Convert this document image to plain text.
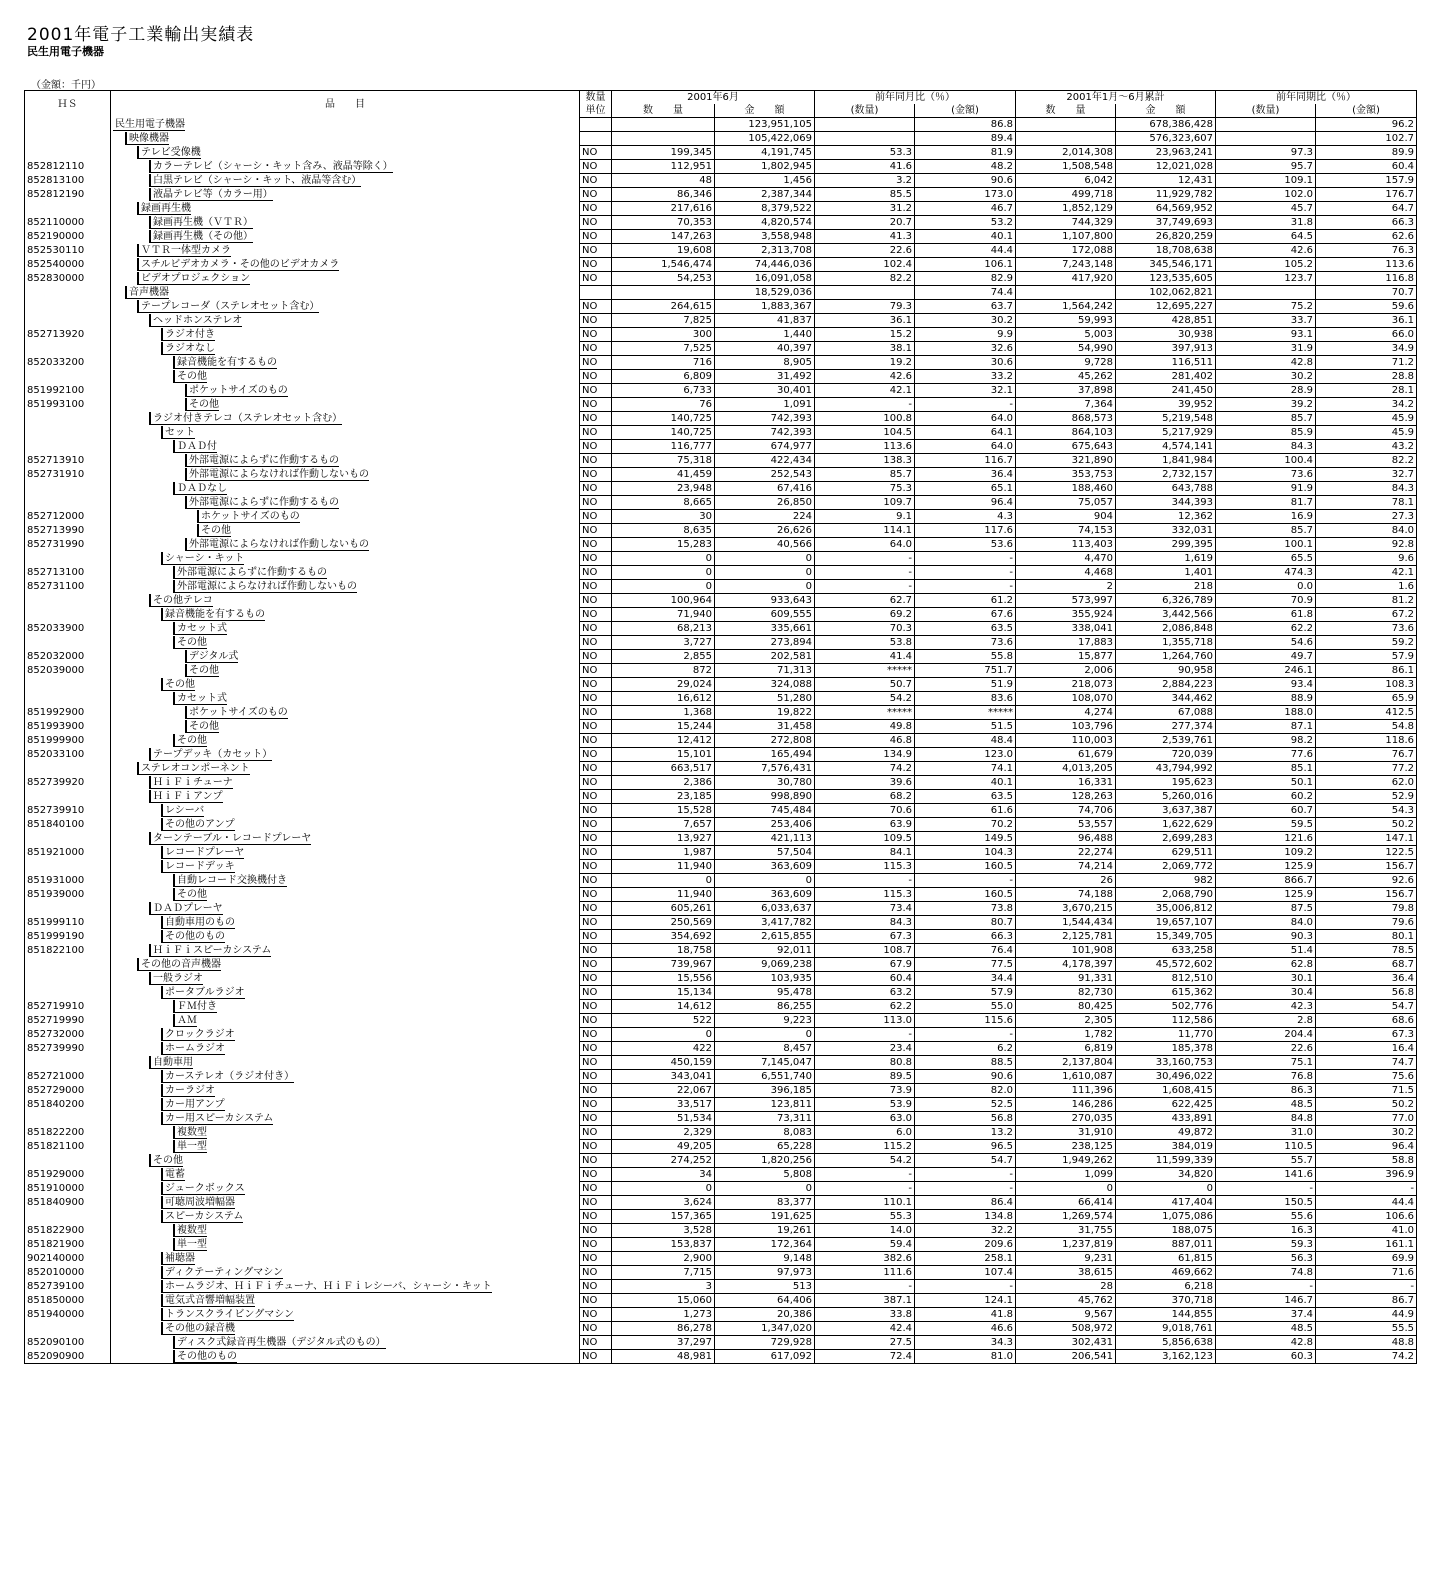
2001年電子工業輸出実績表
民生用電子機器
（金額：千円）
ＨＳ	品　　目	数量	2001年6月		前年同月比（％）		2001年1月～6月累計		前年同期比（％）	
		単位	数　　量	金　　額	(数量)	(金額)	数　　量	金　　額	(数量)	(金額)
	民生用電子機器			123,951,105		86.8		678,386,428		96.2
	映像機器			105,422,069		89.4		576,323,607		102.7
	テレビ受像機	NO	199,345	4,191,745	53.3	81.9	2,014,308	23,963,241	97.3	89.9
852812110	カラーテレビ（シャーシ・キット含み、液晶等除く）	NO	112,951	1,802,945	41.6	48.2	1,508,548	12,021,028	95.7	60.4
852813100	白黒テレビ（シャーシ・キット、液晶等含む）	NO	48	1,456	3.2	90.6	6,042	12,431	109.1	157.9
852812190	液晶テレビ等（カラー用）	NO	86,346	2,387,344	85.5	173.0	499,718	11,929,782	102.0	176.7
	録画再生機	NO	217,616	8,379,522	31.2	46.7	1,852,129	64,569,952	45.7	64.7
852110000	録画再生機（ＶＴＲ）	NO	70,353	4,820,574	20.7	53.2	744,329	37,749,693	31.8	66.3
852190000	録画再生機（その他）	NO	147,263	3,558,948	41.3	40.1	1,107,800	26,820,259	64.5	62.6
852530110	ＶＴＲ一体型カメラ	NO	19,608	2,313,708	22.6	44.4	172,088	18,708,638	42.6	76.3
852540000	スチルビデオカメラ・その他のビデオカメラ	NO	1,546,474	74,446,036	102.4	106.1	7,243,148	345,546,171	105.2	113.6
852830000	ビデオプロジェクション	NO	54,253	16,091,058	82.2	82.9	417,920	123,535,605	123.7	116.8
	音声機器			18,529,036		74.4		102,062,821		70.7
	テープレコーダ（ステレオセット含む）	NO	264,615	1,883,367	79.3	63.7	1,564,242	12,695,227	75.2	59.6
	ヘッドホンステレオ	NO	7,825	41,837	36.1	30.2	59,993	428,851	33.7	36.1
852713920	ラジオ付き	NO	300	1,440	15.2	9.9	5,003	30,938	93.1	66.0
	ラジオなし	NO	7,525	40,397	38.1	32.6	54,990	397,913	31.9	34.9
852033200	録音機能を有するもの	NO	716	8,905	19.2	30.6	9,728	116,511	42.8	71.2
	その他	NO	6,809	31,492	42.6	33.2	45,262	281,402	30.2	28.8
851992100	ポケットサイズのもの	NO	6,733	30,401	42.1	32.1	37,898	241,450	28.9	28.1
851993100	その他	NO	76	1,091	-	-	7,364	39,952	39.2	34.2
	ラジオ付きテレコ（ステレオセット含む）	NO	140,725	742,393	100.8	64.0	868,573	5,219,548	85.7	45.9
	セット	NO	140,725	742,393	104.5	64.1	864,103	5,217,929	85.9	45.9
	ＤＡＤ付	NO	116,777	674,977	113.6	64.0	675,643	4,574,141	84.3	43.2
852713910	外部電源によらずに作動するもの	NO	75,318	422,434	138.3	116.7	321,890	1,841,984	100.4	82.2
852731910	外部電源によらなければ作動しないもの	NO	41,459	252,543	85.7	36.4	353,753	2,732,157	73.6	32.7
	ＤＡＤなし	NO	23,948	67,416	75.3	65.1	188,460	643,788	91.9	84.3
	外部電源によらずに作動するもの	NO	8,665	26,850	109.7	96.4	75,057	344,393	81.7	78.1
852712000	ホケットサイズのもの	NO	30	224	9.1	4.3	904	12,362	16.9	27.3
852713990	その他	NO	8,635	26,626	114.1	117.6	74,153	332,031	85.7	84.0
852731990	外部電源によらなければ作動しないもの	NO	15,283	40,566	64.0	53.6	113,403	299,395	100.1	92.8
	シャーシ・キット	NO	0	0	-	-	4,470	1,619	65.5	9.6
852713100	外部電源によらずに作動するもの	NO	0	0	-	-	4,468	1,401	474.3	42.1
852731100	外部電源によらなければ作動しないもの	NO	0	0	-	-	2	218	0.0	1.6
	その他テレコ	NO	100,964	933,643	62.7	61.2	573,997	6,326,789	70.9	81.2
	録音機能を有するもの	NO	71,940	609,555	69.2	67.6	355,924	3,442,566	61.8	67.2
852033900	カセット式	NO	68,213	335,661	70.3	63.5	338,041	2,086,848	62.2	73.6
	その他	NO	3,727	273,894	53.8	73.6	17,883	1,355,718	54.6	59.2
852032000	デジタル式	NO	2,855	202,581	41.4	55.8	15,877	1,264,760	49.7	57.9
852039000	その他	NO	872	71,313	*****	751.7	2,006	90,958	246.1	86.1
	その他	NO	29,024	324,088	50.7	51.9	218,073	2,884,223	93.4	108.3
	カセット式	NO	16,612	51,280	54.2	83.6	108,070	344,462	88.9	65.9
851992900	ポケットサイズのもの	NO	1,368	19,822	*****	*****	4,274	67,088	188.0	412.5
851993900	その他	NO	15,244	31,458	49.8	51.5	103,796	277,374	87.1	54.8
851999900	その他	NO	12,412	272,808	46.8	48.4	110,003	2,539,761	98.2	118.6
852033100	テープデッキ（カセット）	NO	15,101	165,494	134.9	123.0	61,679	720,039	77.6	76.7
	ステレオコンポーネント	NO	663,517	7,576,431	74.2	74.1	4,013,205	43,794,992	85.1	77.2
852739920	ＨｉＦｉチューナ	NO	2,386	30,780	39.6	40.1	16,331	195,623	50.1	62.0
	ＨｉＦｉアンプ	NO	23,185	998,890	68.2	63.5	128,263	5,260,016	60.2	52.9
852739910	レシーバ	NO	15,528	745,484	70.6	61.6	74,706	3,637,387	60.7	54.3
851840100	その他のアンプ	NO	7,657	253,406	63.9	70.2	53,557	1,622,629	59.5	50.2
	ターンテーブル・レコードプレーヤ	NO	13,927	421,113	109.5	149.5	96,488	2,699,283	121.6	147.1
851921000	レコードプレーヤ	NO	1,987	57,504	84.1	104.3	22,274	629,511	109.2	122.5
	レコードデッキ	NO	11,940	363,609	115.3	160.5	74,214	2,069,772	125.9	156.7
851931000	自動レコード交換機付き	NO	0	0	-	-	26	982	866.7	92.6
851939000	その他	NO	11,940	363,609	115.3	160.5	74,188	2,068,790	125.9	156.7
	ＤＡＤプレーヤ	NO	605,261	6,033,637	73.4	73.8	3,670,215	35,006,812	87.5	79.8
851999110	自動車用のもの	NO	250,569	3,417,782	84.3	80.7	1,544,434	19,657,107	84.0	79.6
851999190	その他のもの	NO	354,692	2,615,855	67.3	66.3	2,125,781	15,349,705	90.3	80.1
851822100	ＨｉＦｉスピーカシステム	NO	18,758	92,011	108.7	76.4	101,908	633,258	51.4	78.5
	その他の音声機器	NO	739,967	9,069,238	67.9	77.5	4,178,397	45,572,602	62.8	68.7
	一般ラジオ	NO	15,556	103,935	60.4	34.4	91,331	812,510	30.1	36.4
	ポータブルラジオ	NO	15,134	95,478	63.2	57.9	82,730	615,362	30.4	56.8
852719910	ＦＭ付き	NO	14,612	86,255	62.2	55.0	80,425	502,776	42.3	54.7
852719990	ＡＭ	NO	522	9,223	113.0	115.6	2,305	112,586	2.8	68.6
852732000	クロックラジオ	NO	0	0	-	-	1,782	11,770	204.4	67.3
852739990	ホームラジオ	NO	422	8,457	23.4	6.2	6,819	185,378	22.6	16.4
	自動車用	NO	450,159	7,145,047	80.8	88.5	2,137,804	33,160,753	75.1	74.7
852721000	カーステレオ（ラジオ付き）	NO	343,041	6,551,740	89.5	90.6	1,610,087	30,496,022	76.8	75.6
852729000	カーラジオ	NO	22,067	396,185	73.9	82.0	111,396	1,608,415	86.3	71.5
851840200	カー用アンプ	NO	33,517	123,811	53.9	52.5	146,286	622,425	48.5	50.2
	カー用スピーカシステム	NO	51,534	73,311	63.0	56.8	270,035	433,891	84.8	77.0
851822200	複数型	NO	2,329	8,083	6.0	13.2	31,910	49,872	31.0	30.2
851821100	単一型	NO	49,205	65,228	115.2	96.5	238,125	384,019	110.5	96.4
	その他	NO	274,252	1,820,256	54.2	54.7	1,949,262	11,599,339	55.7	58.8
851929000	電蓄	NO	34	5,808	-	-	1,099	34,820	141.6	396.9
851910000	ジュークボックス	NO	0	0	-	-	0	0	-	-
851840900	可聴周波増幅器	NO	3,624	83,377	110.1	86.4	66,414	417,404	150.5	44.4
	スピーカシステム	NO	157,365	191,625	55.3	134.8	1,269,574	1,075,086	55.6	106.6
851822900	複数型	NO	3,528	19,261	14.0	32.2	31,755	188,075	16.3	41.0
851821900	単一型	NO	153,837	172,364	59.4	209.6	1,237,819	887,011	59.3	161.1
902140000	補聴器	NO	2,900	9,148	382.6	258.1	9,231	61,815	56.3	69.9
852010000	ディクテーティングマシン	NO	7,715	97,973	111.6	107.4	38,615	469,662	74.8	71.6
852739100	ホームラジオ、ＨｉＦｉチューナ、ＨｉＦｉレシーバ、シャーシ・キット	NO	3	513	-	-	28	6,218	-	-
851850000	電気式音響増幅装置	NO	15,060	64,406	387.1	124.1	45,762	370,718	146.7	86.7
851940000	トランスクライビングマシン	NO	1,273	20,386	33.8	41.8	9,567	144,855	37.4	44.9
	その他の録音機	NO	86,278	1,347,020	42.4	46.6	508,972	9,018,761	48.5	55.5
852090100	ディスク式録音再生機器（デジタル式のもの）	NO	37,297	729,928	27.5	34.3	302,431	5,856,638	42.8	48.8
852090900	その他のもの	NO	48,981	617,092	72.4	81.0	206,541	3,162,123	60.3	74.2
